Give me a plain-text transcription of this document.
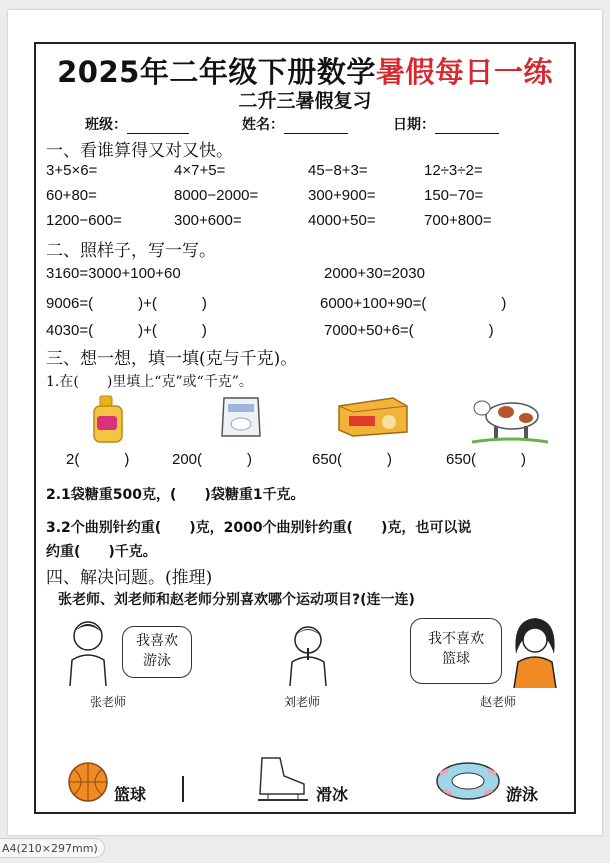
2025年二年级下册数学暑假每日一练
二升三暑假复习
班级：	姓名：	日期：
一、看谁算得又对又快。
3+5×6=	4×7+5=	45−8+3=	12÷3÷2=
60+80=	8000−2000=	300+900=	150−70=
1200−600=	300+600=	4000+50=	700+800=
二、照样子，写一写。
3160=3000+100+60	2000+30=2030
9006=(　　　)+(　　　)	6000+100+90=(　　　　　)
4030=(　　　)+(　　　)	7000+50+6=(　　　　　)
三、想一想，填一填(克与千克)。
1.在(　　)里填上“克”或“千克”。
2(　　　)	200(　　　)	650(　　　)	650(　　　)
2.1袋糖重500克，(　　)袋糖重1千克。
3.2个曲别针约重(　　)克，2000个曲别针约重(　　)克，也可以说
约重(　　)千克。
四、解决问题。(推理)
张老师、刘老师和赵老师分别喜欢哪个运动项目?(连一连)
我喜欢
游泳
我不喜欢
篮球
张老师	刘老师	赵老师
篮球	滑冰	游泳
A4(210×297mm)
